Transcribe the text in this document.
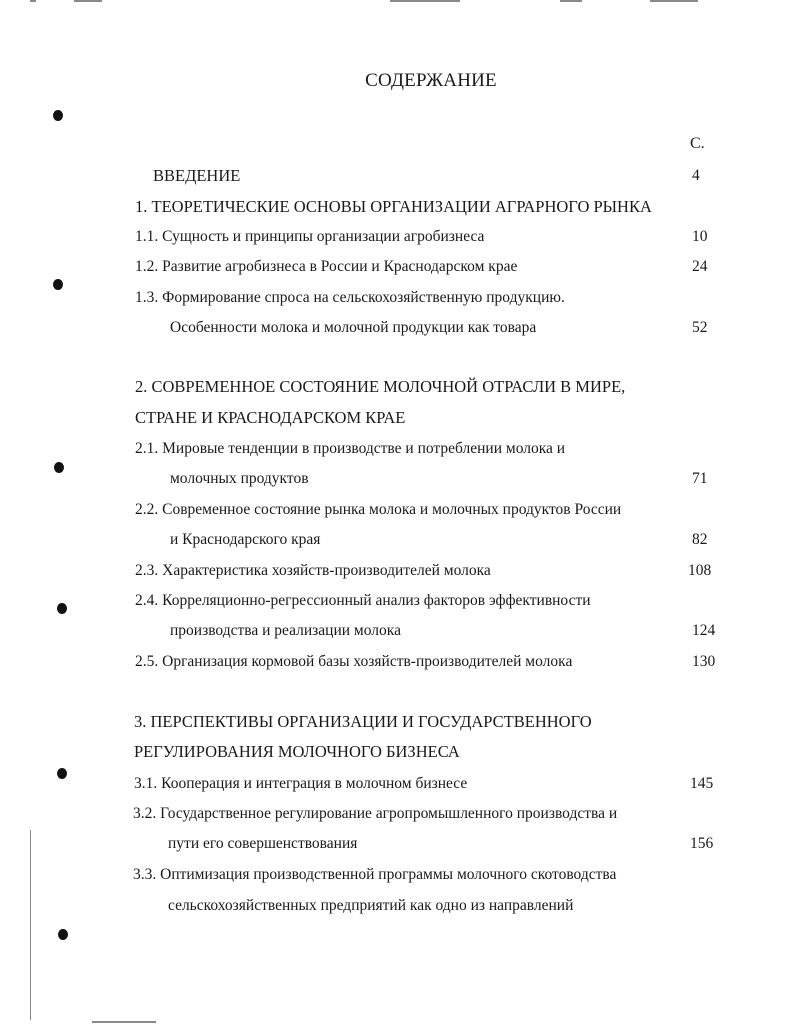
СОДЕРЖАНИЕ
С.
ВВЕДЕНИЕ	4
1. ТЕОРЕТИЧЕСКИЕ ОСНОВЫ ОРГАНИЗАЦИИ АГРАРНОГО РЫНКА
1.1. Сущность и принципы организации агробизнеса	10
1.2. Развитие агробизнеса в России и Краснодарском крае	24
1.3. Формирование спроса на сельскохозяйственную продукцию.
Особенности молока и молочной продукции как товара	52
2. СОВРЕМЕННОЕ СОСТОЯНИЕ МОЛОЧНОЙ ОТРАСЛИ В МИРЕ,
СТРАНЕ И КРАСНОДАРСКОМ КРАЕ
2.1. Мировые тенденции в производстве и потреблении молока и
молочных продуктов	71
2.2. Современное состояние рынка молока и молочных продуктов России
и Краснодарского края	82
2.3. Характеристика хозяйств-производителей молока	108
2.4. Корреляционно-регрессионный анализ факторов эффективности
производства и реализации молока	124
2.5. Организация кормовой базы хозяйств-производителей молока	130
3. ПЕРСПЕКТИВЫ ОРГАНИЗАЦИИ И ГОСУДАРСТВЕННОГО
РЕГУЛИРОВАНИЯ МОЛОЧНОГО БИЗНЕСА
3.1. Кооперация и интеграция в молочном бизнесе	145
3.2. Государственное регулирование агропромышленного производства и
пути его совершенствования	156
3.3. Оптимизация производственной программы молочного скотоводства
сельскохозяйственных предприятий как одно из направлений
